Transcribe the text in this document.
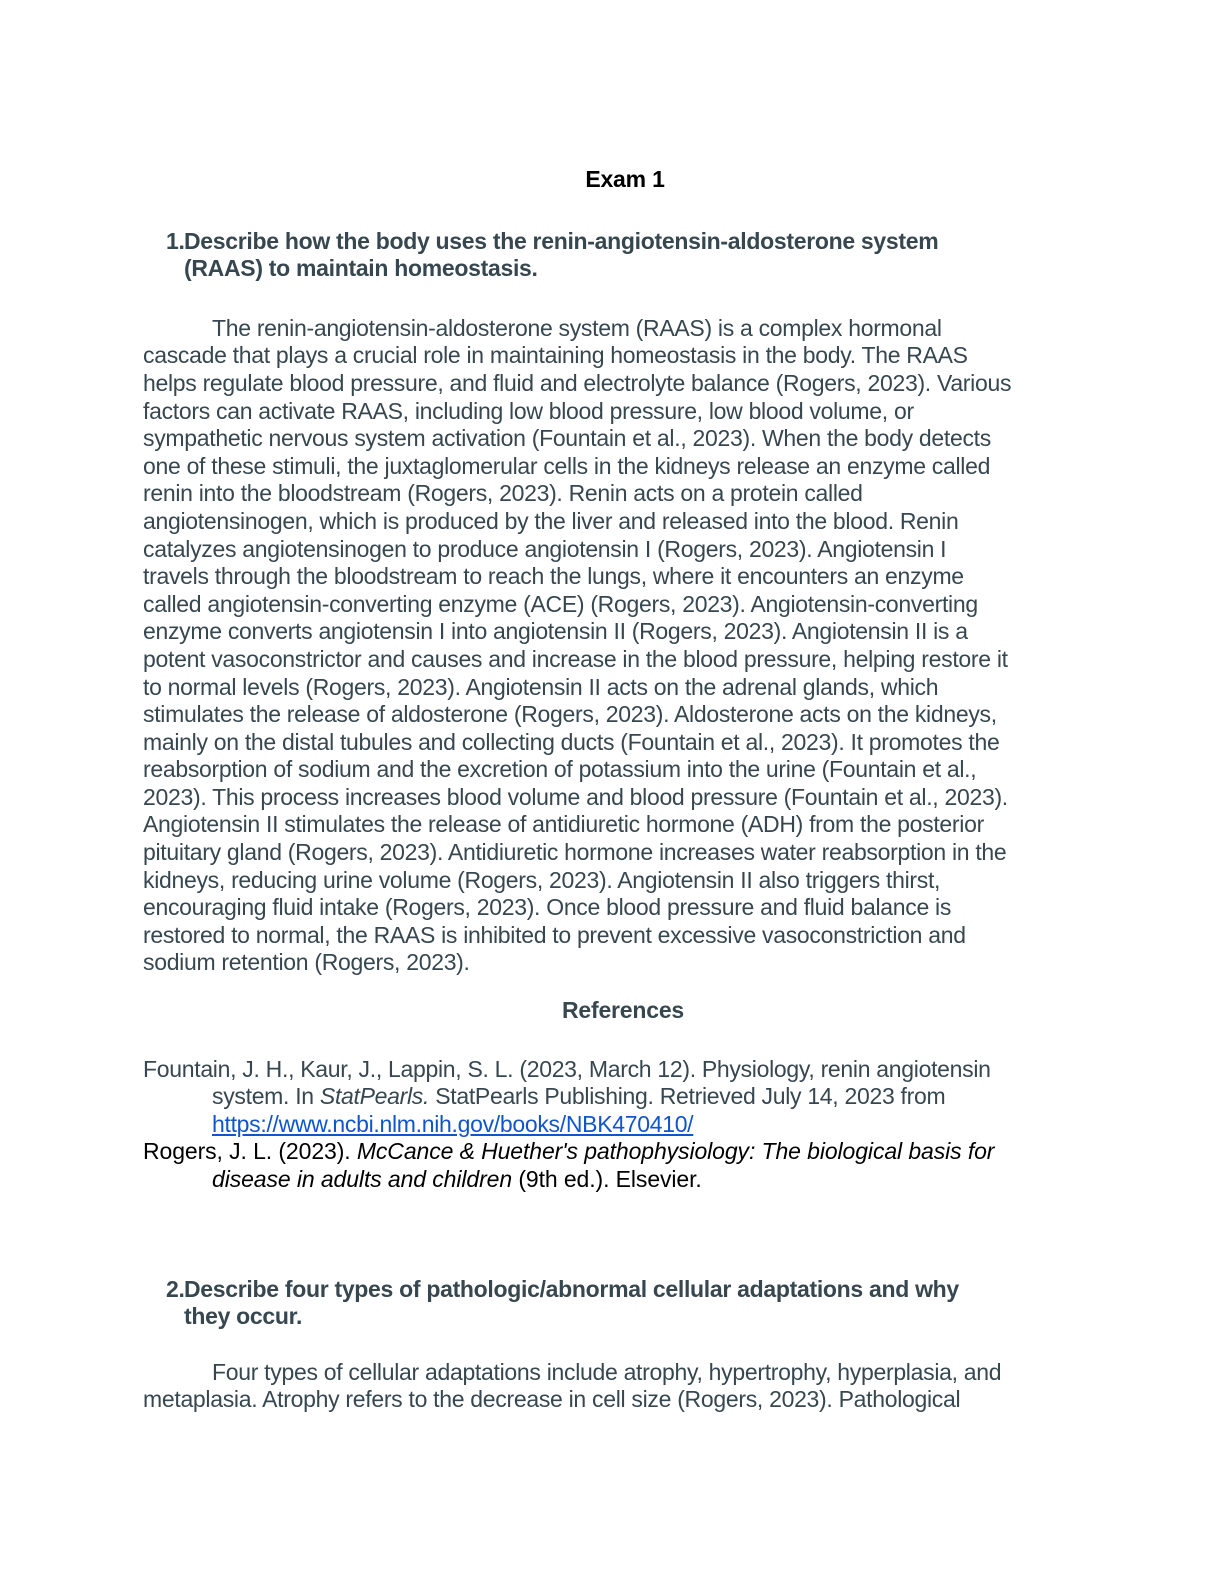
Exam 1
1. Describe how the body uses the renin-angiotensin-aldosterone system
(RAAS) to maintain homeostasis.
The renin-angiotensin-aldosterone system (RAAS) is a complex hormonal
cascade that plays a crucial role in maintaining homeostasis in the body. The RAAS
helps regulate blood pressure, and fluid and electrolyte balance (Rogers, 2023). Various
factors can activate RAAS, including low blood pressure, low blood volume, or
sympathetic nervous system activation (Fountain et al., 2023). When the body detects
one of these stimuli, the juxtaglomerular cells in the kidneys release an enzyme called
renin into the bloodstream (Rogers, 2023). Renin acts on a protein called
angiotensinogen, which is produced by the liver and released into the blood. Renin
catalyzes angiotensinogen to produce angiotensin I (Rogers, 2023). Angiotensin I
travels through the bloodstream to reach the lungs, where it encounters an enzyme
called angiotensin-converting enzyme (ACE) (Rogers, 2023). Angiotensin-converting
enzyme converts angiotensin I into angiotensin II (Rogers, 2023). Angiotensin II is a
potent vasoconstrictor and causes and increase in the blood pressure, helping restore it
to normal levels (Rogers, 2023). Angiotensin II acts on the adrenal glands, which
stimulates the release of aldosterone (Rogers, 2023). Aldosterone acts on the kidneys,
mainly on the distal tubules and collecting ducts (Fountain et al., 2023). It promotes the
reabsorption of sodium and the excretion of potassium into the urine (Fountain et al.,
2023). This process increases blood volume and blood pressure (Fountain et al., 2023).
Angiotensin II stimulates the release of antidiuretic hormone (ADH) from the posterior
pituitary gland (Rogers, 2023). Antidiuretic hormone increases water reabsorption in the
kidneys, reducing urine volume (Rogers, 2023). Angiotensin II also triggers thirst,
encouraging fluid intake (Rogers, 2023). Once blood pressure and fluid balance is
restored to normal, the RAAS is inhibited to prevent excessive vasoconstriction and
sodium retention (Rogers, 2023).
References
Fountain, J. H., Kaur, J., Lappin, S. L. (2023, March 12). Physiology, renin angiotensin
system. In StatPearls. StatPearls Publishing. Retrieved July 14, 2023 from
https://www.ncbi.nlm.nih.gov/books/NBK470410/
Rogers, J. L. (2023). McCance & Huether's pathophysiology: The biological basis for
disease in adults and children (9th ed.). Elsevier.
2. Describe four types of pathologic/abnormal cellular adaptations and why
they occur.
Four types of cellular adaptations include atrophy, hypertrophy, hyperplasia, and
metaplasia. Atrophy refers to the decrease in cell size (Rogers, 2023). Pathological
